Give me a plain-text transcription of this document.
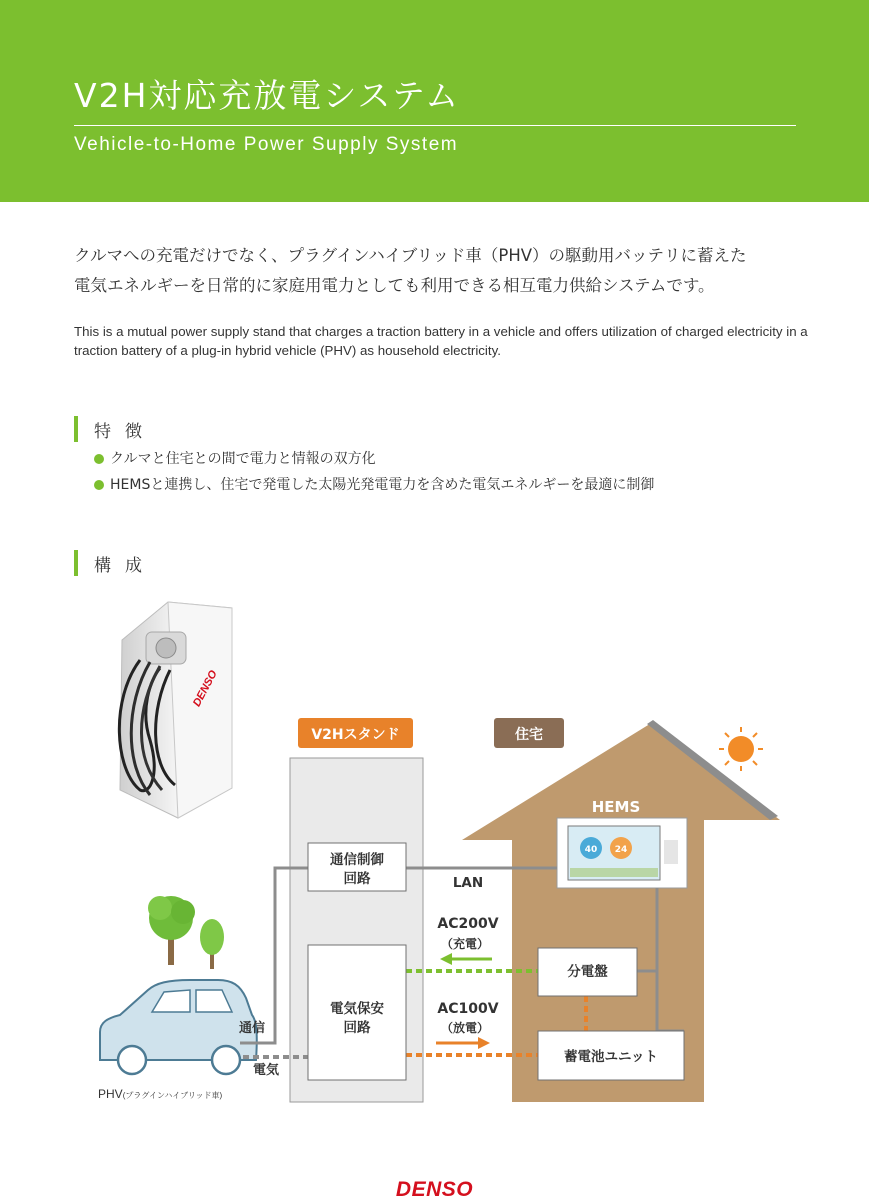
V2H対応充放電システム
Vehicle-to-Home Power Supply System
クルマへの充電だけでなく、プラグインハイブリッド車（PHV）の駆動用バッテリに蓄えた
電気エネルギーを日常的に家庭用電力としても利用できる相互電力供給システムです。
This is a mutual power supply stand that charges a traction battery in a vehicle and offers utilization of charged electricity in a traction battery of a plug-in hybrid vehicle (PHV) as household electricity.
特徴
クルマと住宅との間で電力と情報の双方化
HEMSと連携し、住宅で発電した太陽光発電電力を含めた電気エネルギーを最適に制御
構成
DENSO
V2Hスタンド	住宅
HEMS
40 24
通信制御
回路
電気保安
回路
分電盤
蓄電池ユニット
LAN
AC200V
（充電）
AC100V
（放電）
通信
電気
PHV(プラグインハイブリッド車)
DENSO
